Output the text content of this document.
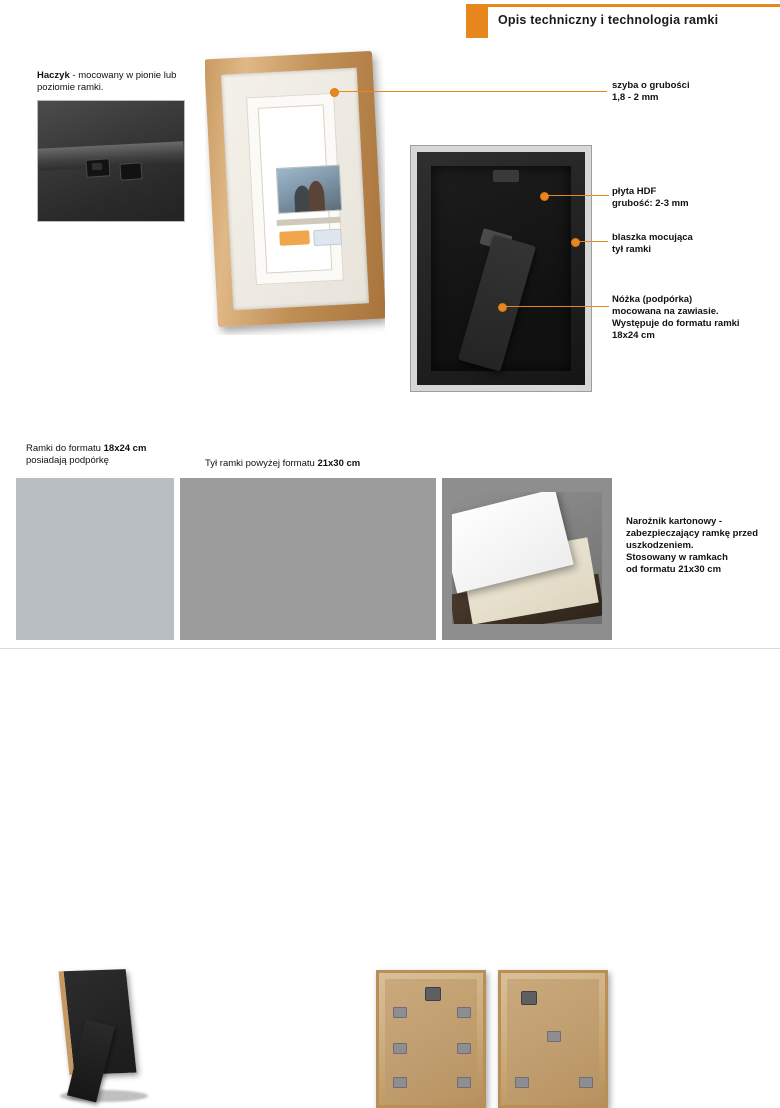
Opis techniczny i technologia ramki
Haczyk - mocowany w pionie lub poziomie ramki.	szyba o grubości
1,8 - 2 mm
płyta HDF
grubość: 2-3 mm
blaszka mocująca
tył ramki
Nóżka (podpórka)
mocowana na zawiasie.
Występuje do formatu ramki
18x24 cm
Ramki do formatu 18x24 cm
posiadają podpórkę	Tył ramki powyżej formatu 21x30 cm
Narożnik kartonowy -
zabezpieczający ramkę przed
uszkodzeniem.
Stosowany w ramkach
od formatu 21x30 cm
